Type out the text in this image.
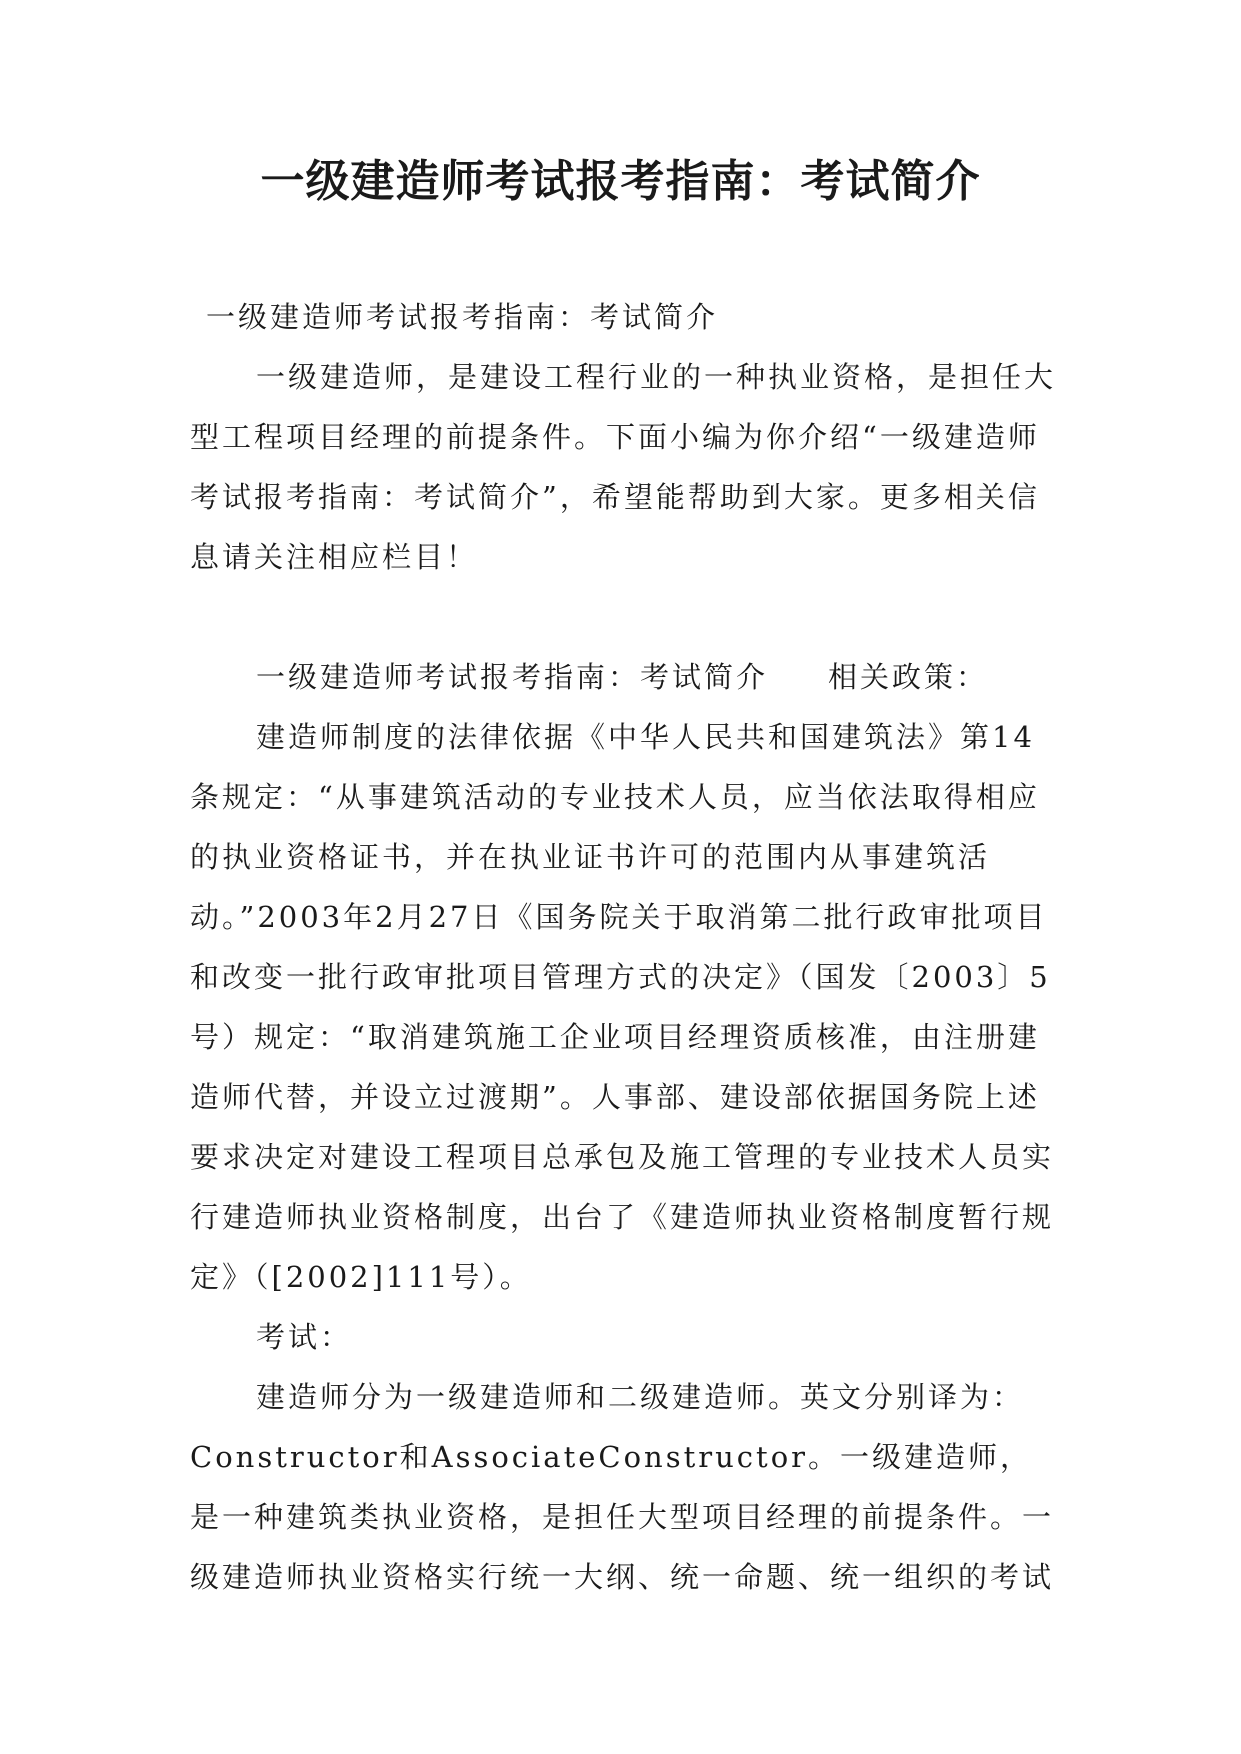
一级建造师考试报考指南：考试简介

一级建造师考试报考指南：考试简介

一级建造师，是建设工程行业的一种执业资格，是担任大型工程项目经理的前提条件。下面小编为你介绍“一级建造师考试报考指南：考试简介”，希望能帮助到大家。更多相关信息请关注相应栏目！

一级建造师考试报考指南：考试简介 相关政策：

建造师制度的法律依据《中华人民共和国建筑法》第14条规定：“从事建筑活动的专业技术人员，应当依法取得相应的执业资格证书，并在执业证书许可的范围内从事建筑活动。”2003年2月27日《国务院关于取消第二批行政审批项目和改变一批行政审批项目管理方式的决定》（国发〔2003〕5号）规定：“取消建筑施工企业项目经理资质核准，由注册建造师代替，并设立过渡期”。人事部、建设部依据国务院上述要求决定对建设工程项目总承包及施工管理的专业技术人员实行建造师执业资格制度，出台了《建造师执业资格制度暂行规定》（[2002]111号）。

考试：

建造师分为一级建造师和二级建造师。英文分别译为：Constructor和AssociateConstructor。一级建造师，是一种建筑类执业资格，是担任大型项目经理的前提条件。一级建造师执业资格实行统一大纲、统一命题、统一组织的考试
